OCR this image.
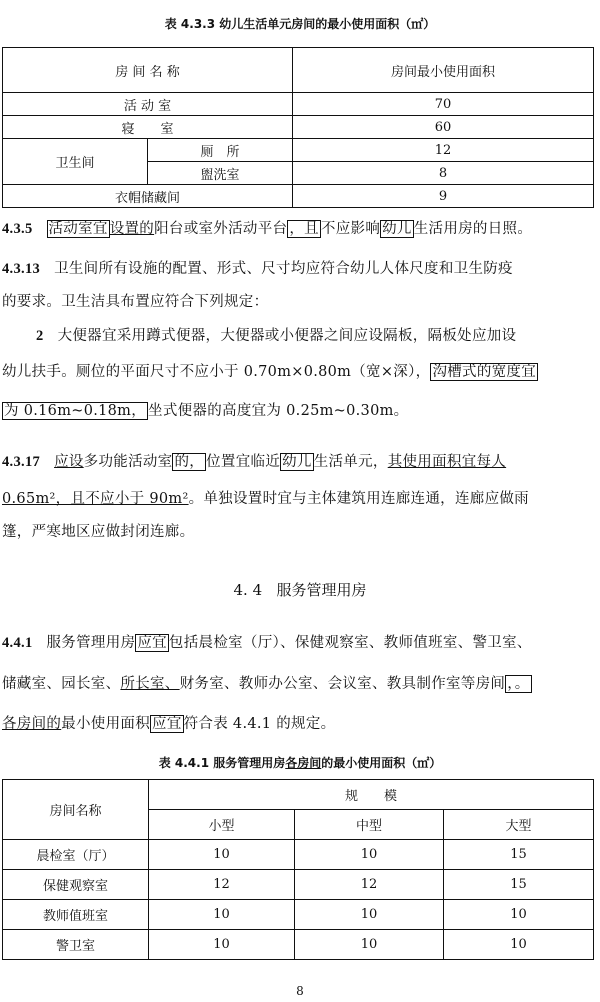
表 4.3.3 幼儿生活单元房间的最小使用面积（㎡）
房 间 名 称		房间最小使用面积
活 动 室		70
寝　　室		60
卫生间	厕　所	12
	盥洗室	8
衣帽储藏间		9
4.3.5 活动室宜 设置的阳台或室外活动平台 ，且 不应影响 幼儿 生活用房的日照。
4.3.13 卫生间所有设施的配置、形式、尺寸均应符合幼儿人体尺度和卫生防疫
的要求。卫生洁具布置应符合下列规定：
2 大便器宜采用蹲式便器，大便器或小便器之间应设隔板，隔板处应加设
幼儿扶手。厕位的平面尺寸不应小于 0.70m×0.80m（宽×深）， 沟槽式的宽度宜
为 0.16m~0.18m， 坐式便器的高度宜为 0.25m~0.30m。
4.3.17 应设多功能活动室 的， 位置宜临近 幼儿 生活单元，其使用面积宜每人
0.65m²，且不应小于 90m²。单独设置时宜与主体建筑用连廊连通，连廊应做雨
篷，严寒地区应做封闭连廊。
4. 4 服务管理用房
4.4.1 服务管理用房 应宜 包括晨检室（厅）、保健观察室、教师值班室、警卫室、
储藏室、园长室、所长室、财务室、教师办公室、会议室、教具制作室等房间 ，。
各房间的最小使用面积 应宜 符合表 4.4.1 的规定。
表 4.4.1 服务管理用房各房间的最小使用面积（㎡）
房间名称	规　　模		
	小型	中型	大型
晨检室（厅）	10	10	15
保健观察室	12	12	15
教师值班室	10	10	10
警卫室	10	10	10
8
